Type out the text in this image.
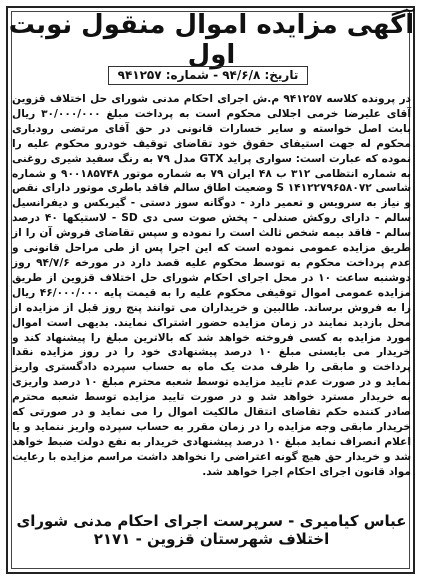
آگهی مزایده اموال منقول نوبت اول
تاریخ: ۹۴/۶/۸ - شماره: ۹۴۱۲۵۷
در پرونده کلاسه ۹۴۱۲۵۷ م.ش اجرای احکام مدنی شورای حل اختلاف قزوین آقای علیرضا خرمی اجلالی محکوم است به پرداخت مبلغ ۳۰/۰۰۰/۰۰۰ ریال بابت اصل خواسته و سایر خسارات قانونی در حق آقای مرتضی رودباری محکوم له جهت استیفای حقوق خود تقاضای توقیف خودرو محکوم علیه را نموده که عبارت است: سواری پراید GTX مدل ۷۹ به رنگ سفید شیری روغنی به شماره انتظامی ۳۱۲ ب ۴۸ ایران ۷۹ به شماره موتور ۹۰۰۱۸۵۷۴۸ و شماره شاسی S ۱۴۱۲۲۷۹۶۵۸۰۷۲ وضعیت اطاق سالم فاقد باطری موتور دارای نقص و نیاز به سرویس و تعمیر دارد - دوگانه سوز دستی - گیربکس و دیفرانسیل سالم - دارای روکش صندلی - پخش صوت سی دی SD - لاستیکها ۴۰ درصد سالم - فاقد بیمه شخص ثالث است را نموده و سپس تقاضای فروش آن را از طریق مزایده عمومی نموده است که این اجرا پس از طی مراحل قانونی و عدم پرداخت محکوم به توسط محکوم علیه قصد دارد در مورخه ۹۴/۷/۶ روز دوشنبه ساعت ۱۰ در محل اجرای احکام شورای حل اختلاف قزوین از طریق مزایده عمومی اموال توقیفی محکوم علیه را به قیمت پایه ۴۶/۰۰۰/۰۰۰ ریال را به فروش برساند. طالبین و خریداران می توانند پنج روز قبل از مزایده از محل بازدید نمایند در زمان مزایده حضور اشتراک نمایند. بدیهی است اموال مورد مزایده به کسی فروخته خواهد شد که بالاترین مبلغ را پیشنهاد کند و خریدار می بایستی مبلغ ۱۰ درصد پیشنهادی خود را در روز مزایده نقدا پرداخت و مابقی را ظرف مدت یک ماه به حساب سپرده دادگستری واریز نماید و در صورت عدم تایید مزایده توسط شعبه محترم مبلغ ۱۰ درصد واریزی به خریدار مسترد خواهد شد و در صورت تایید مزایده توسط شعبه محترم صادر کننده حکم تقاضای انتقال مالکیت اموال را می نماید و در صورتی که خریدار مابقی وجه مزایده را در زمان مقرر به حساب سپرده واریز ننماید و یا اعلام انصراف نماید مبلغ ۱۰ درصد پیشنهادی خریدار به نفع دولت ضبط خواهد شد و خریدار حق هیچ گونه اعتراضی را نخواهد داشت مراسم مزایده با رعایت مواد قانون اجرای احکام اجرا خواهد شد.
عباس کیامیری - سرپرست اجرای احکام مدنی شورای اختلاف شهرستان قزوین - ۲۱۷۱
